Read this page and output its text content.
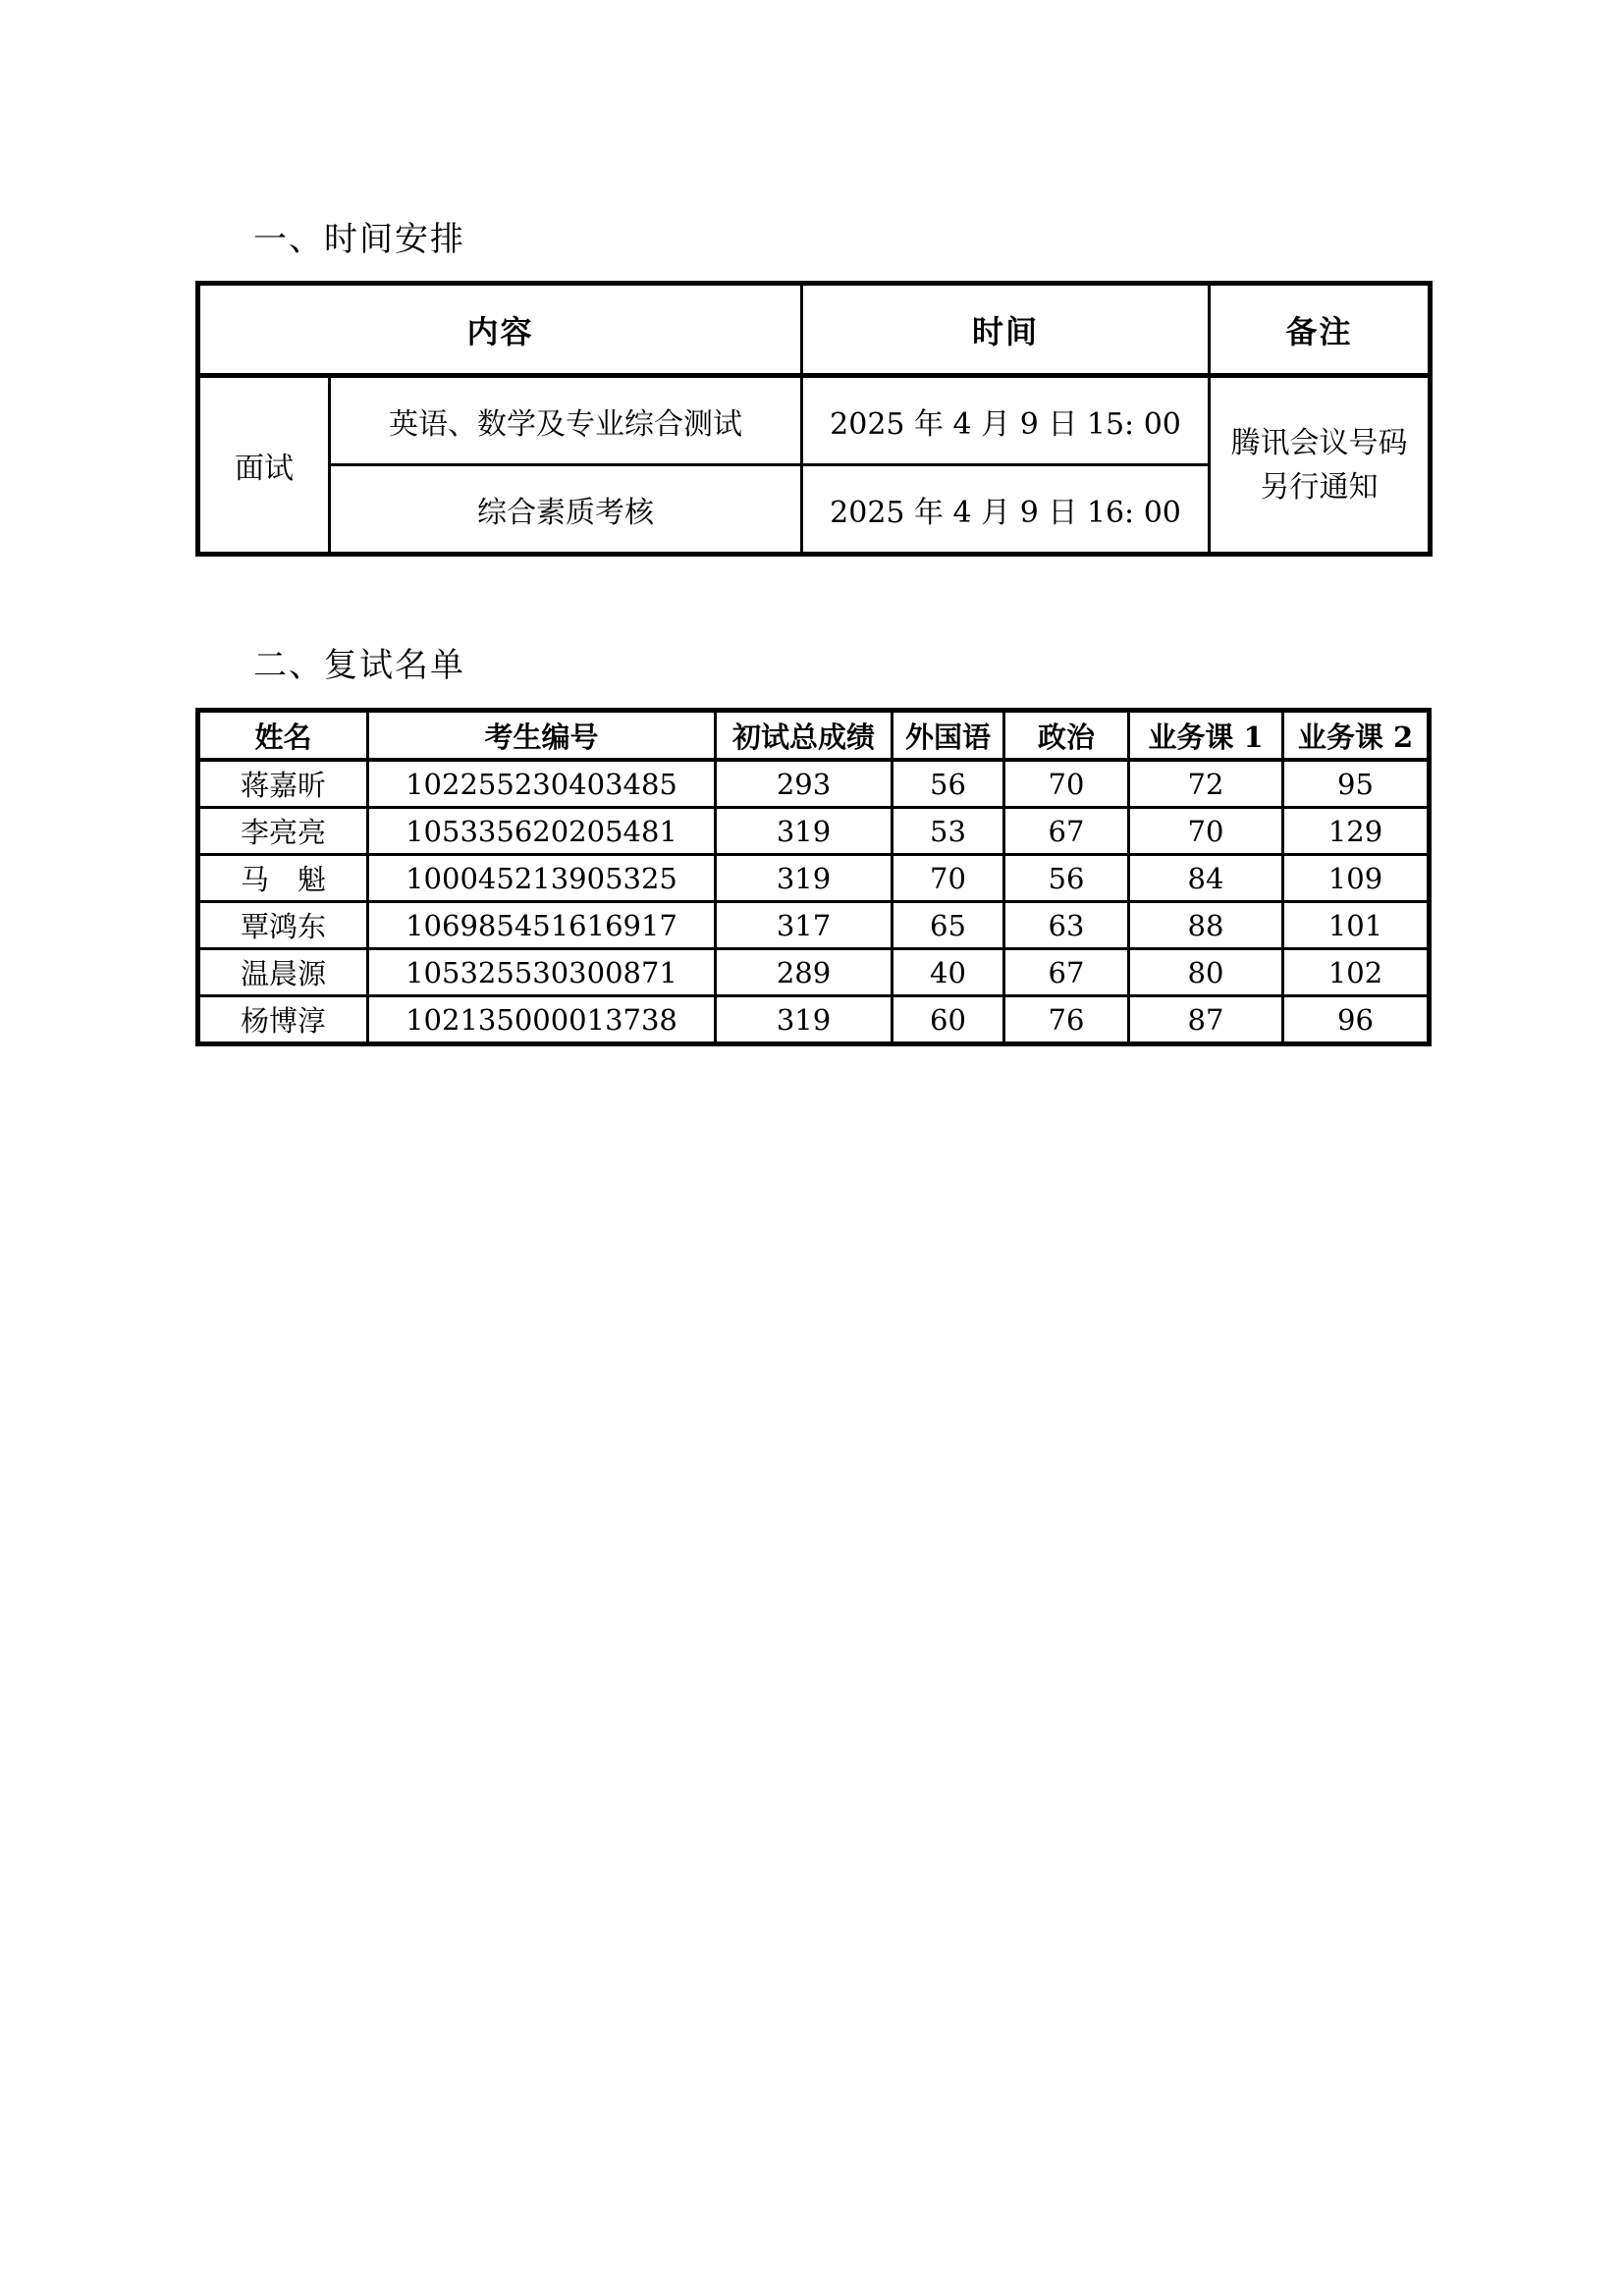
一、时间安排
内容		时间	备注
面试	英语、数学及专业综合测试	2025 年 4 月 9 日 15: 00	腾讯会议号码另行通知
	综合素质考核	2025 年 4 月 9 日 16: 00	
二、复试名单
姓名	考生编号	初试总成绩	外国语	政治	业务课 1	业务课 2
蒋嘉昕	102255230403485	293	56	70	72	95
李亮亮	105335620205481	319	53	67	70	129
马　魁	100045213905325	319	70	56	84	109
覃鸿东	106985451616917	317	65	63	88	101
温晨源	105325530300871	289	40	67	80	102
杨博淳	102135000013738	319	60	76	87	96
